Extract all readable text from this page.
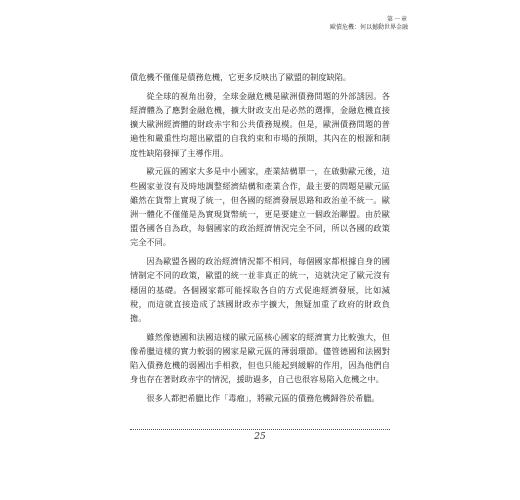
第一章
歐債危機：何以撼動世界金融

債危機不僅僅是債務危機，它更多反映出了歐盟的制度缺陷。

從全球的視角出發，全球金融危機是歐洲債務問題的外部誘因。各經濟體為了應對金融危機，擴大財政支出是必然的選擇，金融危機直接擴大歐洲經濟體的財政赤字和公共債務規模。但是，歐洲債務問題的普遍性和嚴重性均超出歐盟的自我約束和市場的預期，其內在的根源和制度性缺陷發揮了主導作用。

歐元區的國家大多是中小國家，產業結構單一，在啟動歐元後，這些國家並沒有及時地調整經濟結構和產業合作，最主要的問題是歐元區雖然在貨幣上實現了統一，但各國的經濟發展思路和政治並不統一。歐洲一體化不僅僅是為實現貨幣統一，更是要建立一個政治聯盟。由於歐盟各國各自為政，每個國家的政治經濟情況完全不同，所以各國的政策完全不同。

因為歐盟各國的政治經濟情況都不相同，每個國家都根據自身的國情制定不同的政策，歐盟的統一並非真正的統一，這就決定了歐元沒有穩固的基礎。各個國家都可能採取各自的方式促進經濟發展，比如減稅，而這就直接造成了該國財政赤字擴大，無疑加重了政府的財政負擔。

雖然像德國和法國這樣的歐元區核心國家的經濟實力比較強大，但像希臘這樣的實力較弱的國家是歐元區的薄弱環節。儘管德國和法國對陷入債務危機的弱國出手相救，但也只能起到緩解的作用，因為他們自身也存在著財政赤字的情況，援助過多，自己也很容易陷入危機之中。

很多人都把希臘比作「毒瘤」，將歐元區的債務危機歸咎於希臘。

25
